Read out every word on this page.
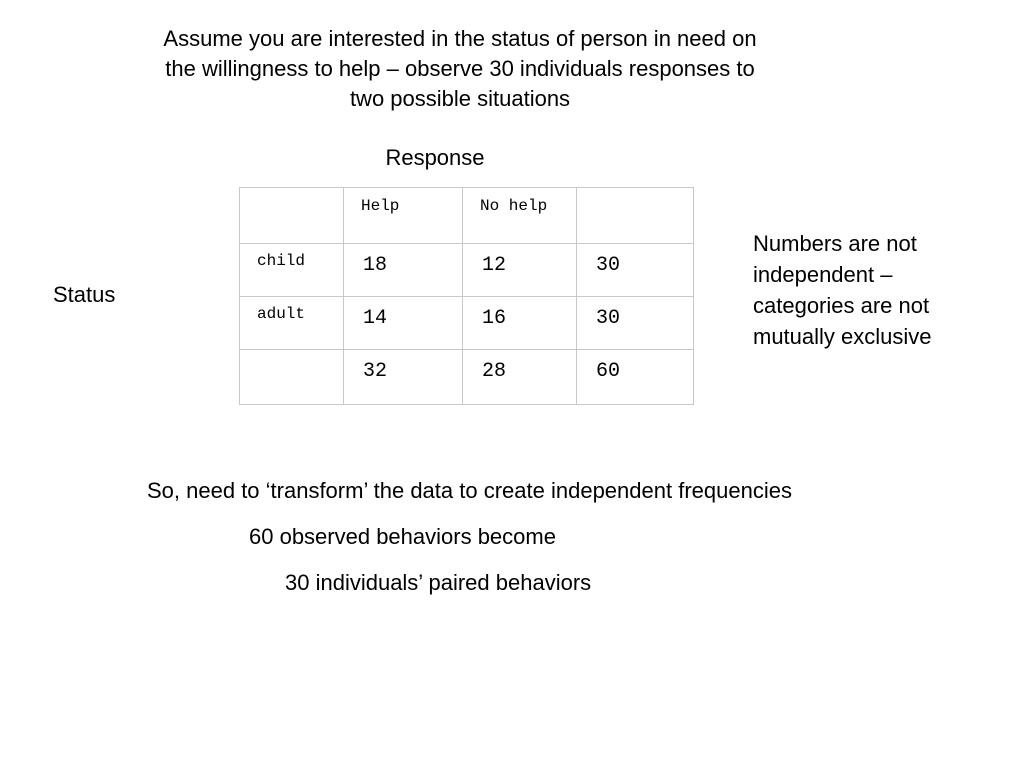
Assume you are interested in the status of person in need on
the willingness to help – observe 30 individuals responses to
two possible situations
Response
Status

	Help	No help	

child	18	12	30

adult	14	16	30

	32	28	60
Numbers are not
independent –
categories are not
mutually exclusive
So, need to ‘transform’ the data to create independent frequencies
60 observed behaviors become
30 individuals’ paired behaviors
